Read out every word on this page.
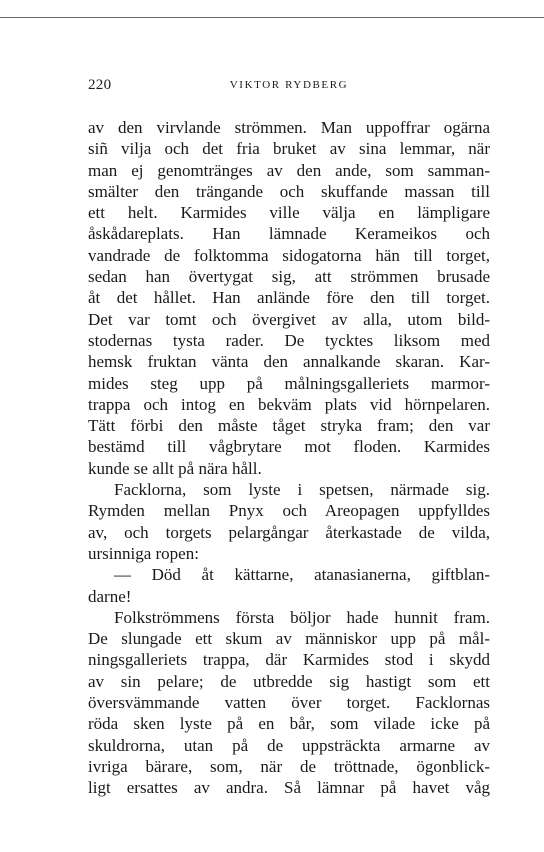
220	VIKTOR RYDBERG
av den virvlande strömmen. Man uppoffrar ogärna
siñ vilja och det fria bruket av sina lemmar, när
man ej genomtränges av den ande, som samman-
smälter den trängande och skuffande massan till
ett helt. Karmides ville välja en lämpligare
åskådareplats. Han lämnade Kerameikos och
vandrade de folktomma sidogatorna hän till torget,
sedan han övertygat sig, att strömmen brusade
åt det hållet. Han anlände före den till torget.
Det var tomt och övergivet av alla, utom bild-
stodernas tysta rader. De tycktes liksom med
hemsk fruktan vänta den annalkande skaran. Kar-
mides steg upp på målningsgalleriets marmor-
trappa och intog en bekväm plats vid hörnpelaren.
Tätt förbi den måste tåget stryka fram; den var
bestämd till vågbrytare mot floden. Karmides
kunde se allt på nära håll.
Facklorna, som lyste i spetsen, närmade sig.
Rymden mellan Pnyx och Areopagen uppfylldes
av, och torgets pelargångar återkastade de vilda,
ursinniga ropen:
— Död åt kättarne, atanasianerna, giftblan-
darne!
Folkströmmens första böljor hade hunnit fram.
De slungade ett skum av människor upp på mål-
ningsgalleriets trappa, där Karmides stod i skydd
av sin pelare; de utbredde sig hastigt som ett
översvämmande vatten över torget. Facklornas
röda sken lyste på en bår, som vilade icke på
skuldrorna, utan på de uppsträckta armarne av
ivriga bärare, som, när de tröttnade, ögonblick-
ligt ersattes av andra. Så lämnar på havet våg
